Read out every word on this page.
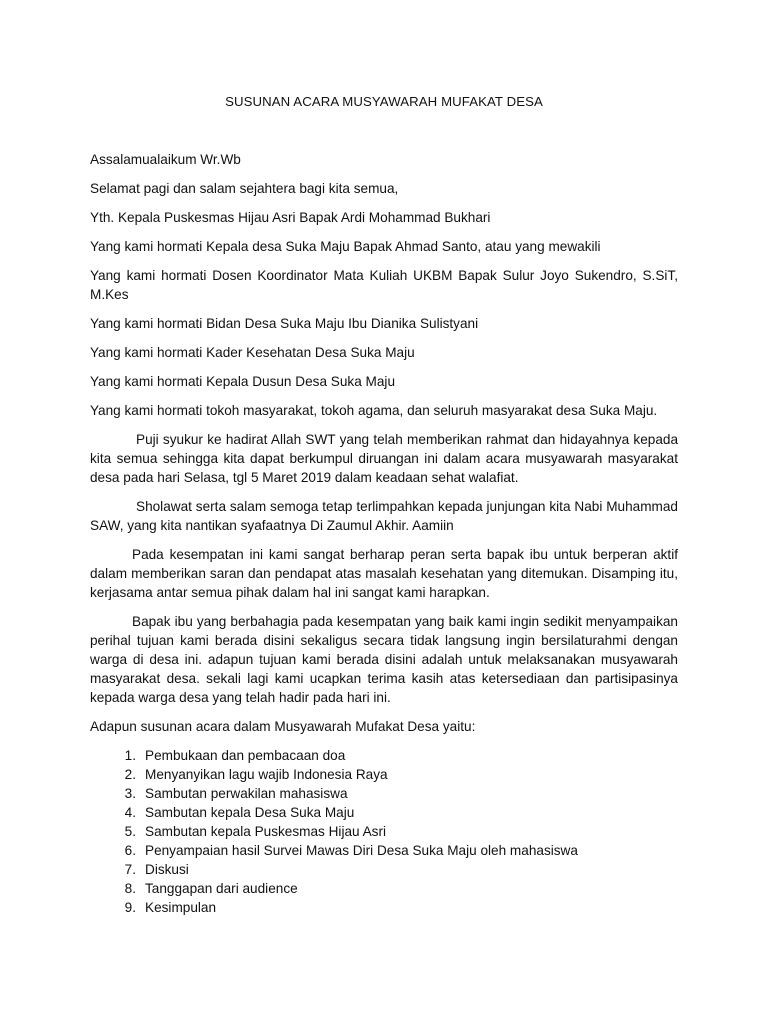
SUSUNAN ACARA MUSYAWARAH MUFAKAT DESA
Assalamualaikum Wr.Wb
Selamat pagi dan salam sejahtera bagi kita semua,
Yth. Kepala Puskesmas Hijau Asri Bapak Ardi Mohammad Bukhari
Yang kami hormati Kepala desa Suka Maju Bapak Ahmad Santo, atau yang mewakili
Yang kami hormati Dosen Koordinator Mata Kuliah UKBM Bapak Sulur Joyo Sukendro, S.SiT, M.Kes
Yang kami hormati Bidan Desa Suka Maju Ibu Dianika Sulistyani
Yang kami hormati Kader Kesehatan Desa Suka Maju
Yang kami hormati Kepala Dusun Desa Suka Maju
Yang kami hormati tokoh masyarakat, tokoh agama, dan seluruh masyarakat desa Suka Maju.
Puji syukur ke hadirat Allah SWT yang telah memberikan rahmat dan hidayahnya kepada kita semua sehingga kita dapat berkumpul diruangan ini dalam acara musyawarah masyarakat desa pada hari Selasa, tgl 5 Maret 2019 dalam keadaan sehat walafiat.
Sholawat serta salam semoga tetap terlimpahkan kepada junjungan kita Nabi Muhammad SAW, yang kita nantikan syafaatnya Di Zaumul Akhir. Aamiin
Pada kesempatan ini kami sangat berharap peran serta bapak ibu untuk berperan aktif dalam memberikan saran dan pendapat atas masalah kesehatan yang ditemukan. Disamping itu, kerjasama antar semua pihak dalam hal ini sangat kami harapkan.
Bapak ibu yang berbahagia pada kesempatan yang baik kami ingin sedikit menyampaikan perihal tujuan kami berada disini sekaligus secara tidak langsung ingin bersilaturahmi dengan warga di desa ini. adapun tujuan kami berada disini adalah untuk melaksanakan musyawarah masyarakat desa. sekali lagi kami ucapkan terima kasih atas ketersediaan dan partisipasinya kepada warga desa yang telah hadir pada hari ini.
Adapun susunan acara dalam Musyawarah Mufakat Desa yaitu:
1. Pembukaan dan pembacaan doa
2. Menyanyikan lagu wajib Indonesia Raya
3. Sambutan perwakilan mahasiswa
4. Sambutan kepala Desa Suka Maju
5. Sambutan kepala Puskesmas Hijau Asri
6. Penyampaian hasil Survei Mawas Diri Desa Suka Maju oleh mahasiswa
7. Diskusi
8. Tanggapan dari audience
9. Kesimpulan
